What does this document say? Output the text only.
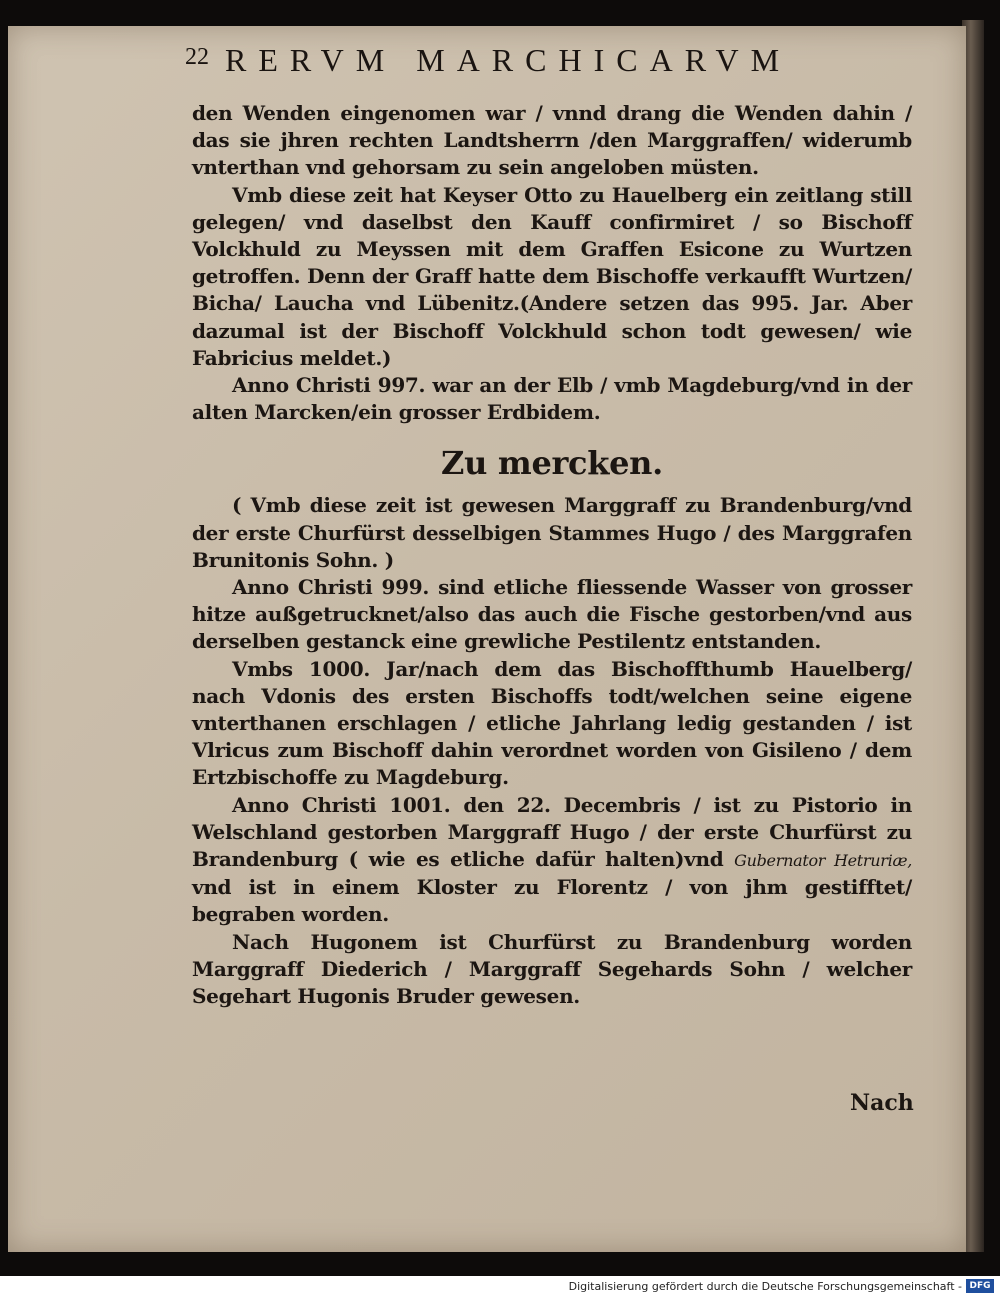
22 RERVM MARCHICARVM

den Wenden eingenomen war / vnnd drang die Wenden dahin / das sie jhren rechten Landtsherrn /den Marggraffen/ widerumb vnterthan vnd gehorsam zu sein angeloben müsten.

Vmb diese zeit hat Keyser Otto zu Hauelberg ein zeitlang still gelegen/ vnd daselbst den Kauff confirmiret / so Bischoff Volckhuld zu Meyssen mit dem Graffen Esicone zu Wurtzen getroffen. Denn der Graff hatte dem Bischoffe verkaufft Wurtzen/ Bicha/ Laucha vnd Lübenitz.(Andere setzen das 995. Jar. Aber dazumal ist der Bischoff Volckhuld schon todt gewesen/ wie Fabricius meldet.)

Anno Christi 997. war an der Elb / vmb Magdeburg/vnd in der alten Marcken/ein grosser Erdbidem.

Zu mercken.

( Vmb diese zeit ist gewesen Marggraff zu Brandenburg/vnd der erste Churfürst desselbigen Stammes Hugo / des Marggrafen Brunitonis Sohn. )

Anno Christi 999. sind etliche fliessende Wasser von grosser hitze außgetrucknet/also das auch die Fische gestorben/vnd aus derselben gestanck eine grewliche Pestilentz entstanden.

Vmbs 1000. Jar/nach dem das Bischoffthumb Hauelberg/ nach Vdonis des ersten Bischoffs todt/welchen seine eigene vnterthanen erschlagen / etliche Jahrlang ledig gestanden / ist Vlricus zum Bischoff dahin verordnet worden von Gisileno / dem Ertzbischoffe zu Magdeburg.

Anno Christi 1001. den 22. Decembris / ist zu Pistorio in Welschland gestorben Marggraff Hugo / der erste Churfürst zu Brandenburg ( wie es etliche dafür halten)vnd Gubernator Hetruriæ, vnd ist in einem Kloster zu Florentz / von jhm gestifftet/ begraben worden.

Nach Hugonem ist Churfürst zu Brandenburg worden Marggraff Diederich / Marggraff Segehards Sohn / welcher Segehart Hugonis Bruder gewesen.

Nach
Digitalisierung gefördert durch die Deutsche Forschungsgemeinschaft - DFG
